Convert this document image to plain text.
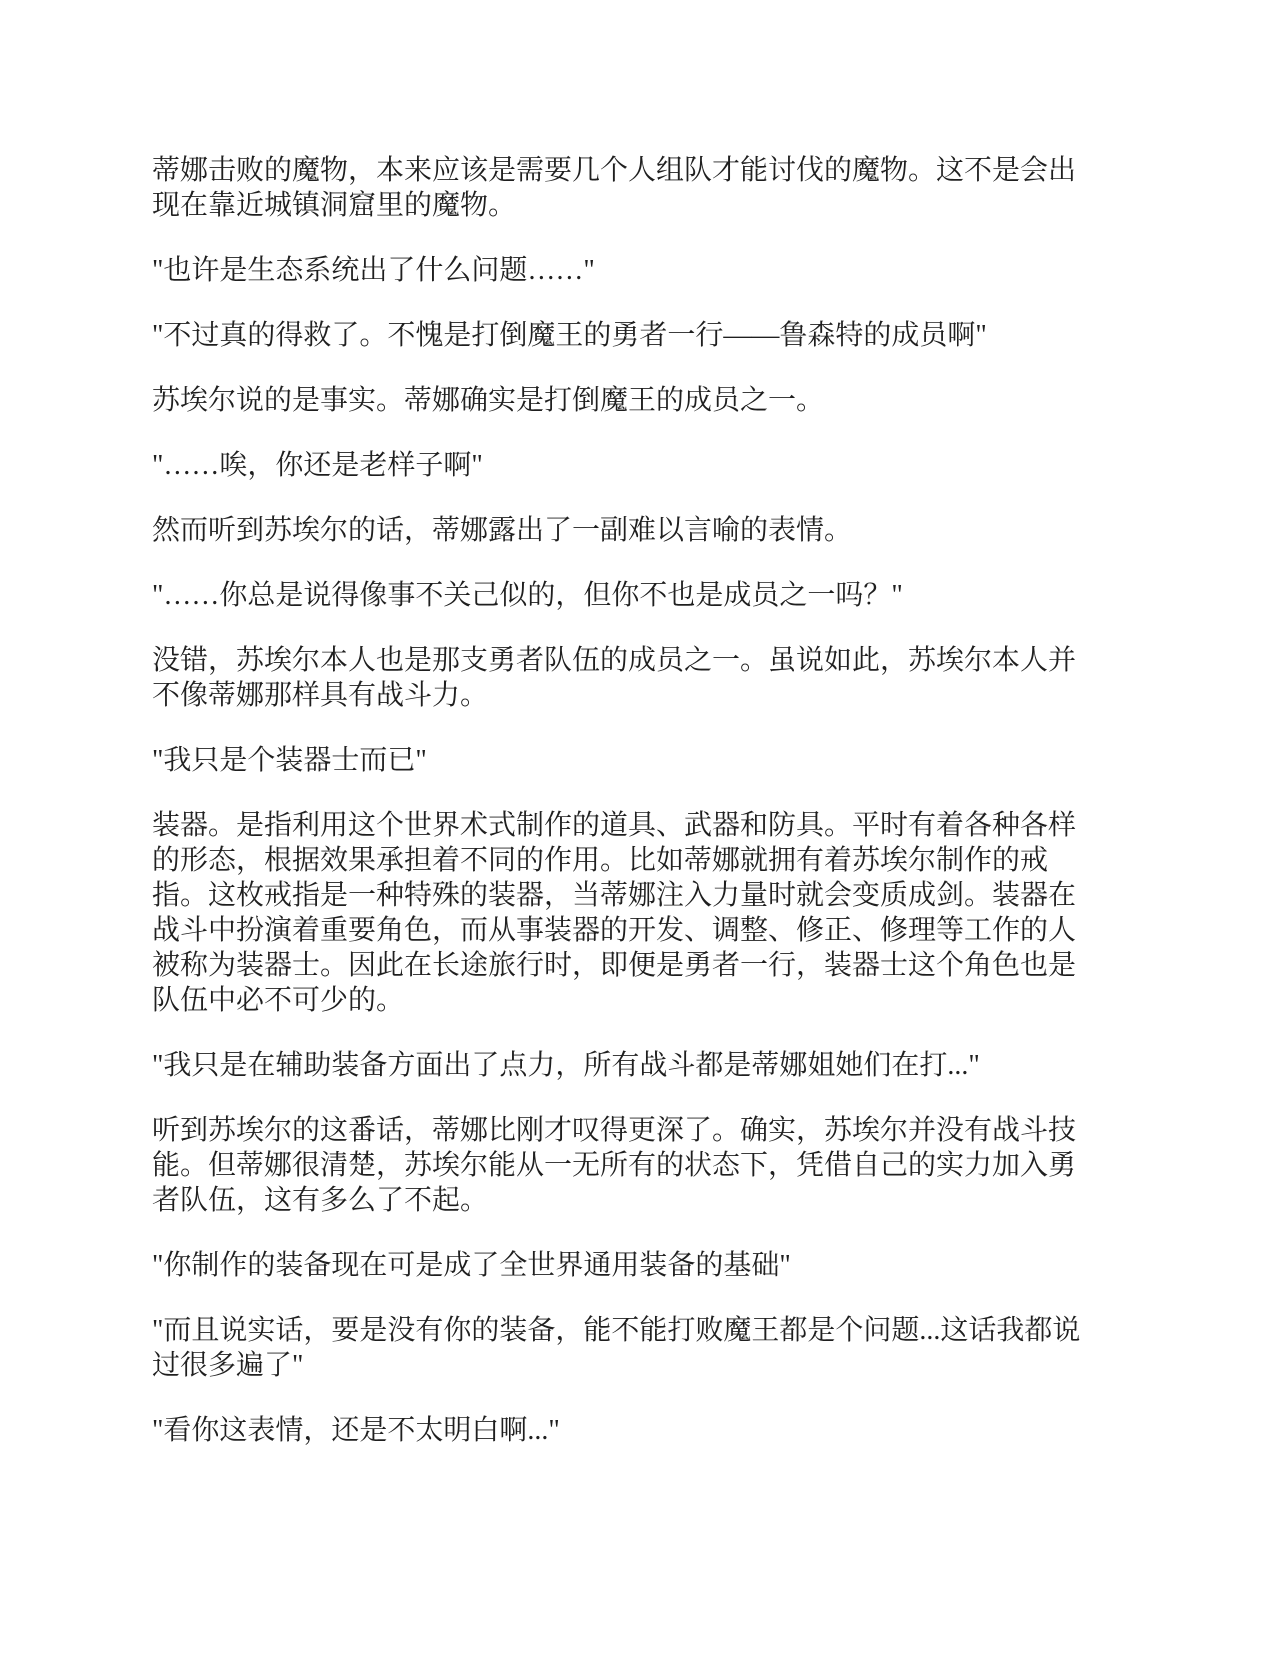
蒂娜击败的魔物，本来应该是需要几个人组队才能讨伐的魔物。这不是会出现在靠近城镇洞窟里的魔物。

"也许是生态系统出了什么问题……"

"不过真的得救了。不愧是打倒魔王的勇者一行——鲁森特的成员啊"

苏埃尔说的是事实。蒂娜确实是打倒魔王的成员之一。

"……唉，你还是老样子啊"

然而听到苏埃尔的话，蒂娜露出了一副难以言喻的表情。

"……你总是说得像事不关己似的，但你不也是成员之一吗？"

没错，苏埃尔本人也是那支勇者队伍的成员之一。虽说如此，苏埃尔本人并不像蒂娜那样具有战斗力。

"我只是个装器士而已"

装器。是指利用这个世界术式制作的道具、武器和防具。平时有着各种各样的形态，根据效果承担着不同的作用。比如蒂娜就拥有着苏埃尔制作的戒指。这枚戒指是一种特殊的装器，当蒂娜注入力量时就会变质成剑。装器在战斗中扮演着重要角色，而从事装器的开发、调整、修正、修理等工作的人被称为装器士。因此在长途旅行时，即便是勇者一行，装器士这个角色也是队伍中必不可少的。

"我只是在辅助装备方面出了点力，所有战斗都是蒂娜姐她们在打..."

听到苏埃尔的这番话，蒂娜比刚才叹得更深了。确实，苏埃尔并没有战斗技能。但蒂娜很清楚，苏埃尔能从一无所有的状态下，凭借自己的实力加入勇者队伍，这有多么了不起。

"你制作的装备现在可是成了全世界通用装备的基础"

"而且说实话，要是没有你的装备，能不能打败魔王都是个问题...这话我都说过很多遍了"

"看你这表情，还是不太明白啊..."
